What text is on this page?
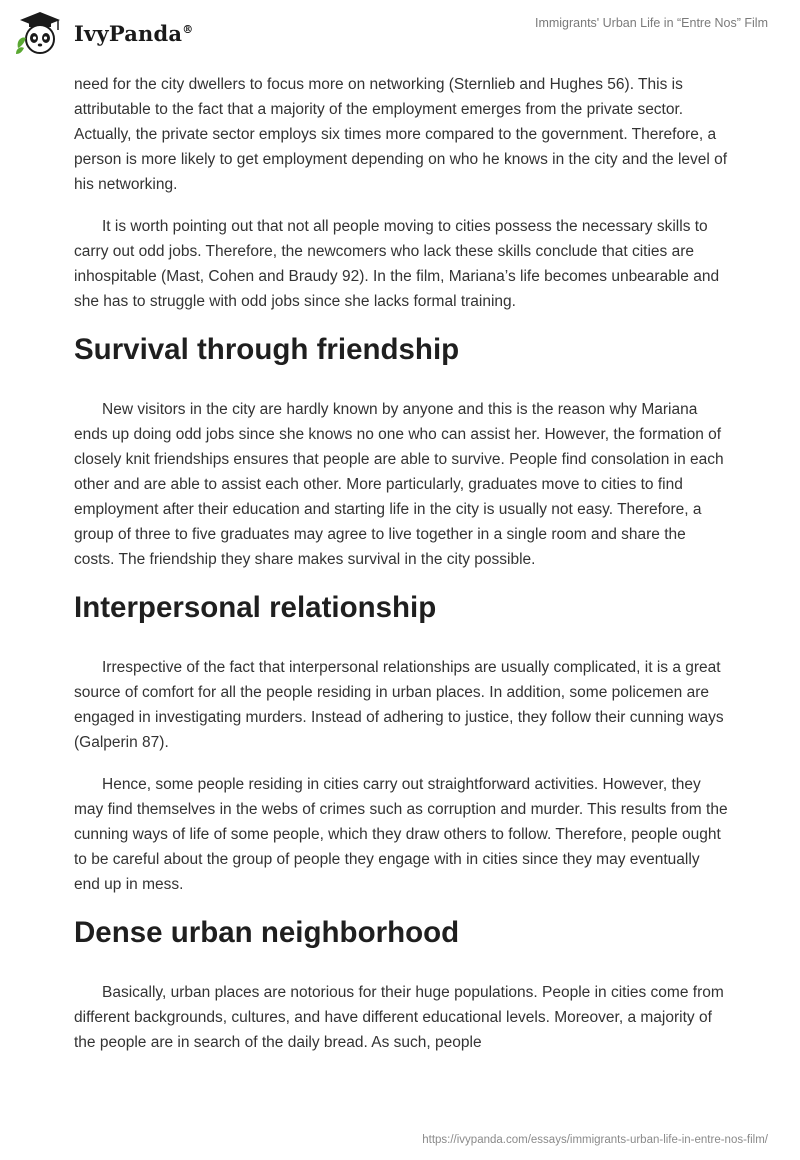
IvyPanda®	Immigrants' Urban Life in “Entre Nos” Film

need for the city dwellers to focus more on networking (Sternlieb and Hughes 56). This is attributable to the fact that a majority of the employment emerges from the private sector. Actually, the private sector employs six times more compared to the government. Therefore, a person is more likely to get employment depending on who he knows in the city and the level of his networking.

It is worth pointing out that not all people moving to cities possess the necessary skills to carry out odd jobs. Therefore, the newcomers who lack these skills conclude that cities are inhospitable (Mast, Cohen and Braudy 92). In the film, Mariana’s life becomes unbearable and she has to struggle with odd jobs since she lacks formal training.

Survival through friendship

New visitors in the city are hardly known by anyone and this is the reason why Mariana ends up doing odd jobs since she knows no one who can assist her. However, the formation of closely knit friendships ensures that people are able to survive. People find consolation in each other and are able to assist each other. More particularly, graduates move to cities to find employment after their education and starting life in the city is usually not easy. Therefore, a group of three to five graduates may agree to live together in a single room and share the costs. The friendship they share makes survival in the city possible.

Interpersonal relationship

Irrespective of the fact that interpersonal relationships are usually complicated, it is a great source of comfort for all the people residing in urban places. In addition, some policemen are engaged in investigating murders. Instead of adhering to justice, they follow their cunning ways (Galperin 87).

Hence, some people residing in cities carry out straightforward activities. However, they may find themselves in the webs of crimes such as corruption and murder. This results from the cunning ways of life of some people, which they draw others to follow. Therefore, people ought to be careful about the group of people they engage with in cities since they may eventually end up in mess.

Dense urban neighborhood

Basically, urban places are notorious for their huge populations. People in cities come from different backgrounds, cultures, and have different educational levels. Moreover, a majority of the people are in search of the daily bread. As such, people

https://ivypanda.com/essays/immigrants-urban-life-in-entre-nos-film/
